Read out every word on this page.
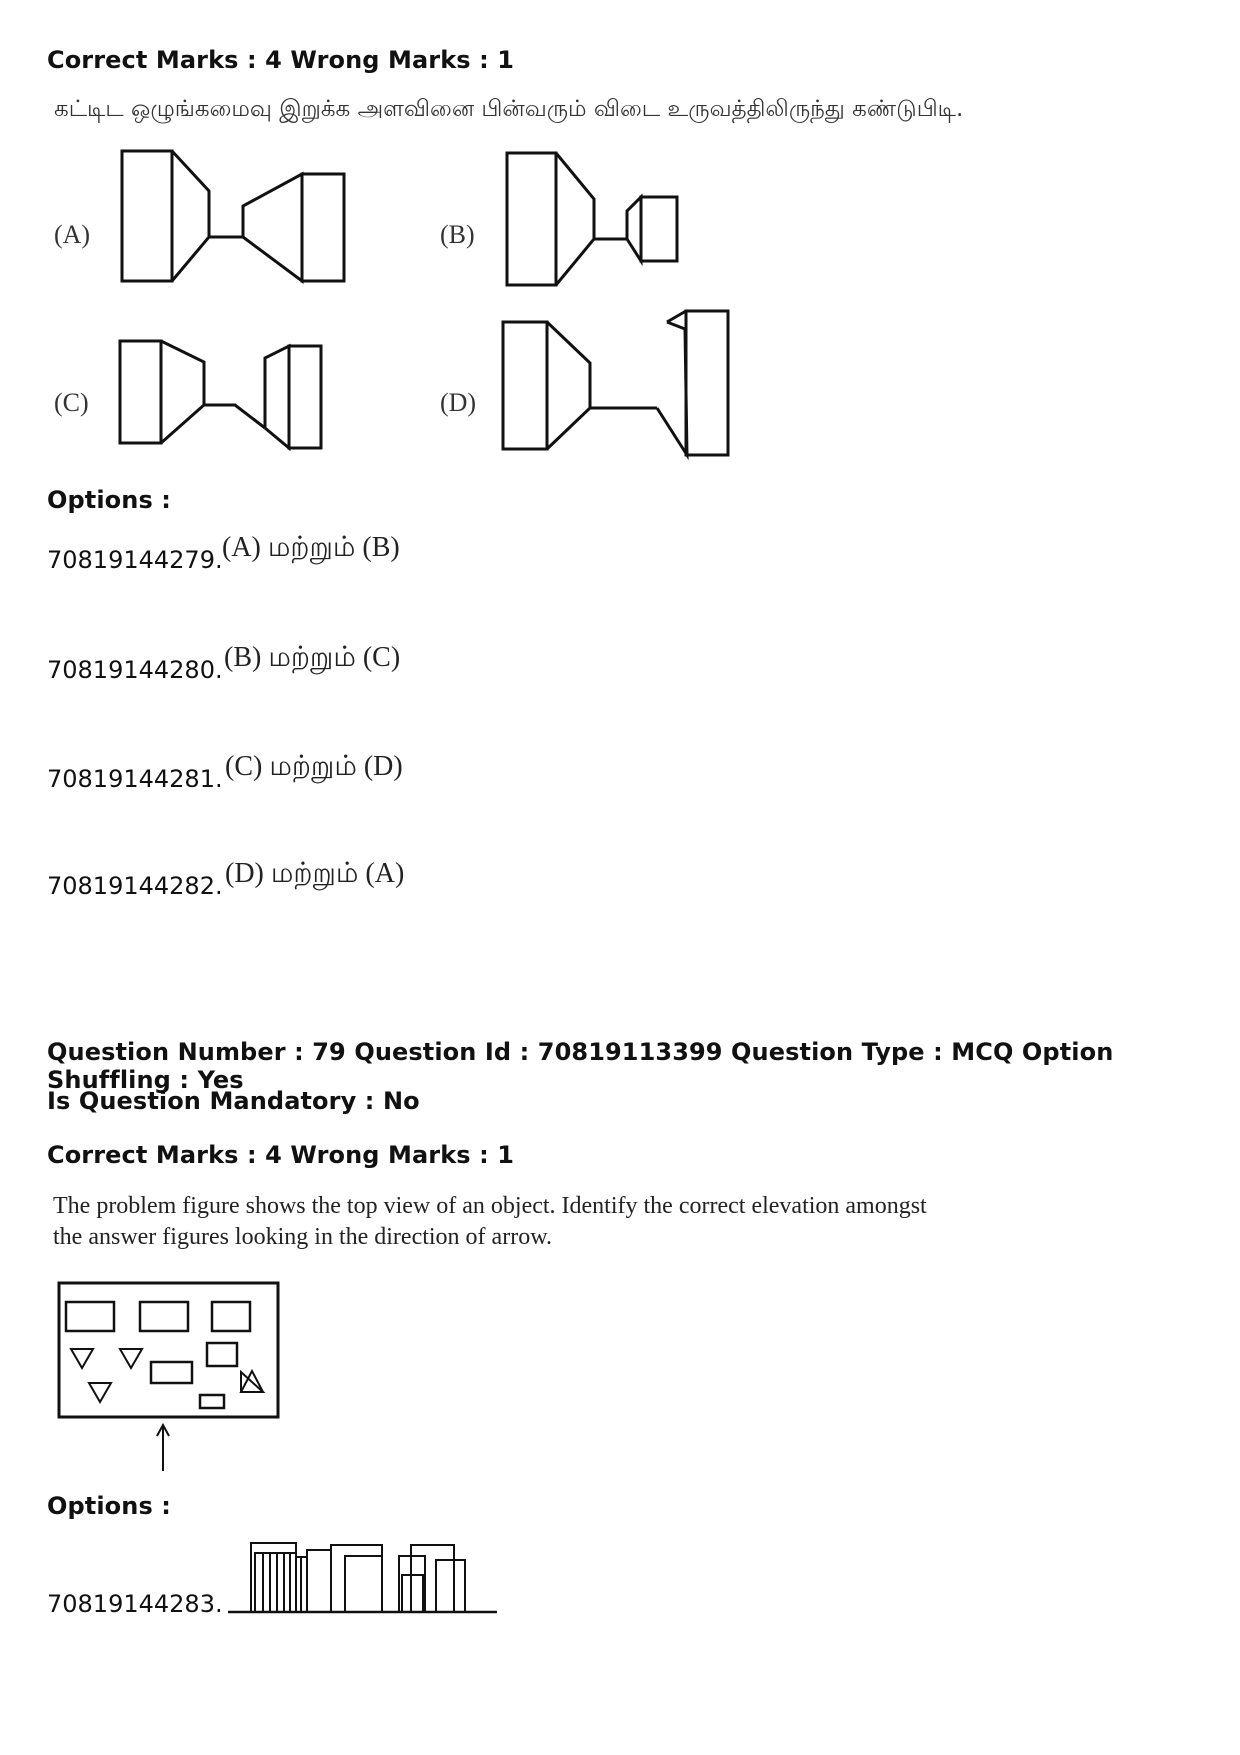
Correct Marks : 4 Wrong Marks : 1
கட்டிட ஒழுங்கமைவு இறுக்க அளவினை பின்வரும் விடை உருவத்திலிருந்து கண்டுபிடி.
(A)	(B)
(C)	(D)
Options :
70819144279. (A) மற்றும் (B)
70819144280. (B) மற்றும் (C)
70819144281. (C) மற்றும் (D)
70819144282. (D) மற்றும் (A)
Question Number : 79 Question Id : 70819113399 Question Type : MCQ Option Shuffling : Yes
Is Question Mandatory : No
Correct Marks : 4 Wrong Marks : 1
The problem figure shows the top view of an object. Identify the correct elevation amongst
the answer figures looking in the direction of arrow.
Options :
70819144283.
